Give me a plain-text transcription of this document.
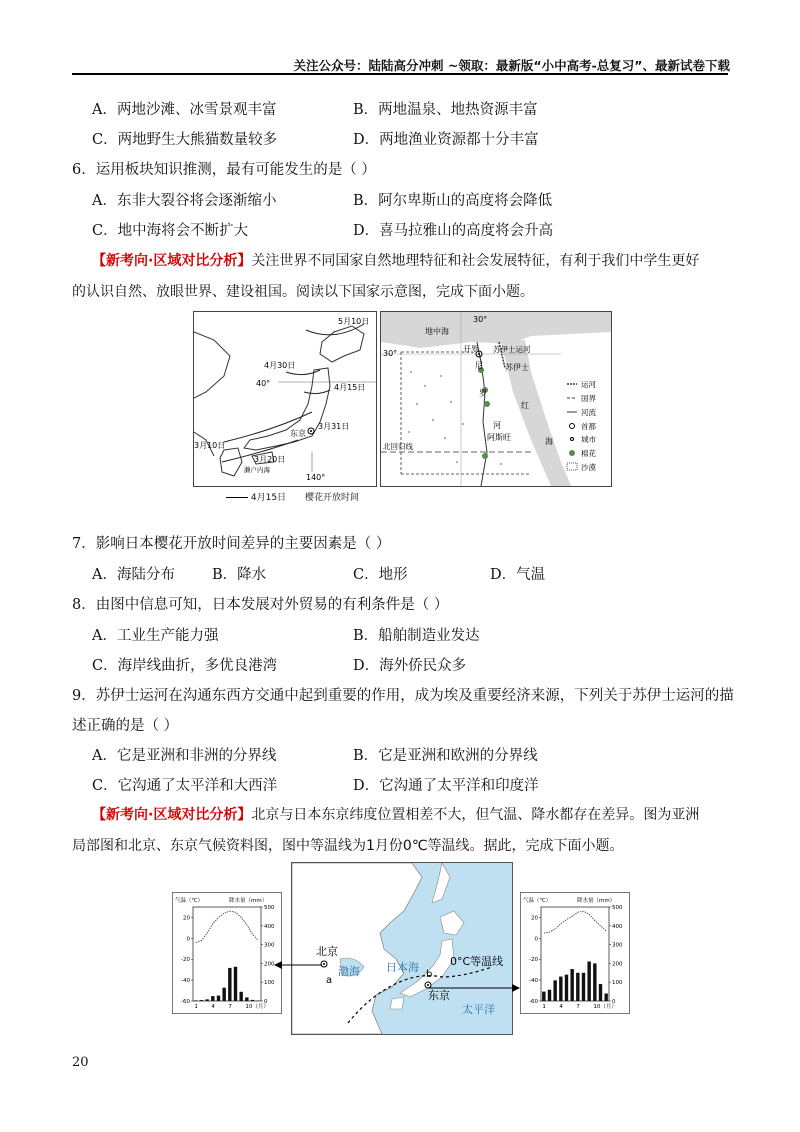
关注公众号：陆陆高分冲刺 ~领取：最新版“小中高考-总复习”、最新试卷下载
A．两地沙滩、冰雪景观丰富	B．两地温泉、地热资源丰富
C．两地野生大熊猫数量较多	D．两地渔业资源都十分丰富
6．运用板块知识推测，最有可能发生的是（ ）
A．东非大裂谷将会逐渐缩小	B．阿尔卑斯山的高度将会降低
C．地中海将会不断扩大	D．喜马拉雅山的高度将会升高
【新考向·区域对比分析】关注世界不同国家自然地理特征和社会发展特征，有利于我们中学生更好
的认识自然、放眼世界、建设祖国。阅读以下国家示意图，完成下面小题。
5月10日
4月30日
40°	4月15日
东京
3月31日
3月20日
3月10日
140°
濑户内海
4月15日 樱花开放时间
30°
地中海
30°	开罗 苏伊士运河
尼	苏伊士
罗
红
河
阿斯旺	海
北回归线
运河
国界
河流
首都
城市
棉花
沙漠
7．影响日本樱花开放时间差异的主要因素是（ ）
A．海陆分布	B．降水	C．地形	D．气温
8．由图中信息可知，日本发展对外贸易的有利条件是（ ）
A．工业生产能力强	B．船舶制造业发达
C．海岸线曲折，多优良港湾	D．海外侨民众多
9．苏伊士运河在沟通东西方交通中起到重要的作用，成为埃及重要经济来源，下列关于苏伊士运河的描
述正确的是（ ）
A．它是亚洲和非洲的分界线	B．它是亚洲和欧洲的分界线
C．它沟通了太平洋和大西洋	D．它沟通了太平洋和印度洋
【新考向·区域对比分析】北京与日本东京纬度位置相差不大，但气温、降水都存在差异。图为亚洲
局部图和北京、东京气候资料图，图中等温线为1月份0℃等温线。据此，完成下面小题。
气温（℃）	降水量（mm）
20
0
-20
-40
-60
500
400
300
200
100
0
1 4 7 10（月）
北京
a
渤海 日本海
b
0°C等温线
东京
太平洋
气温（℃）	降水量（mm）
20
0
-20
-40
-60
500
400
300
200
100
0
1 4 7 10（月）
20
